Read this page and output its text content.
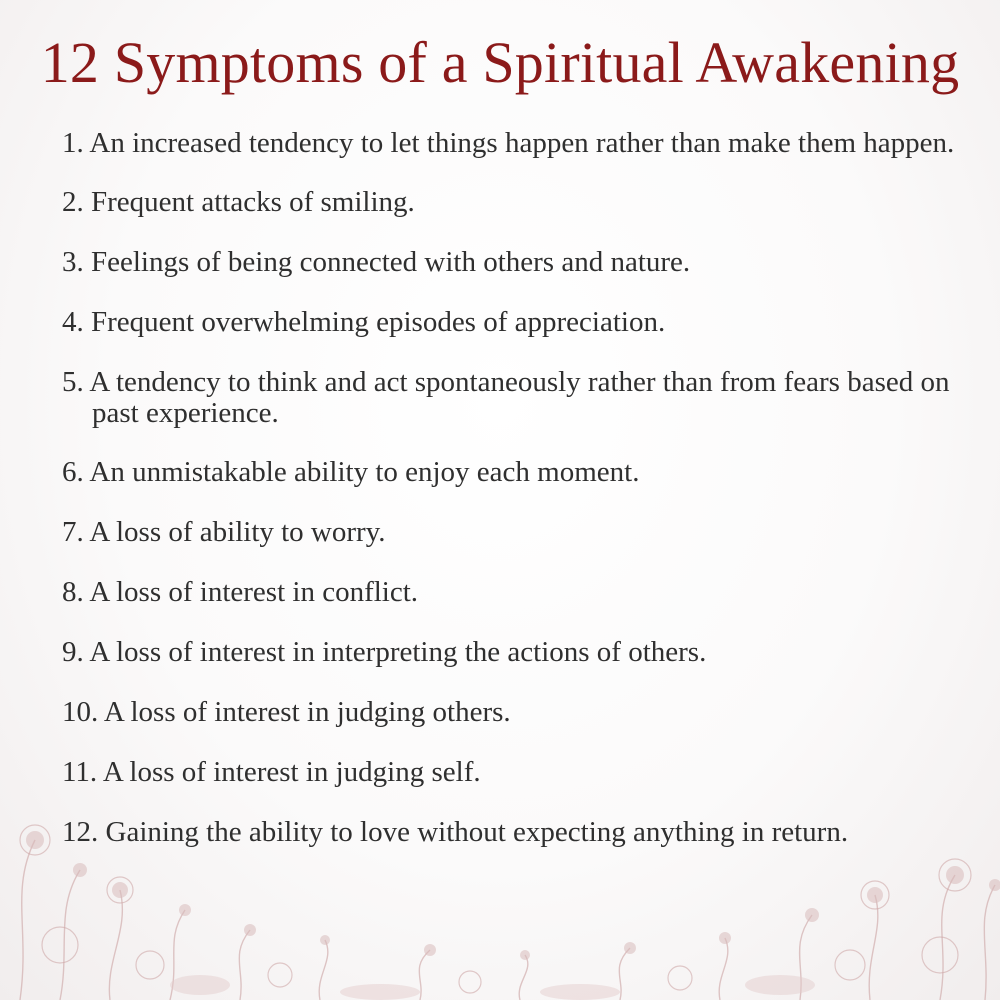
12 Symptoms of a Spiritual Awakening
1. An increased tendency to let things happen rather than make them happen.
2. Frequent attacks of smiling.
3. Feelings of being connected with others and nature.
4. Frequent overwhelming episodes of appreciation.
5. A tendency to think and act spontaneously rather than from fears based on past experience.
6. An unmistakable ability to enjoy each moment.
7. A loss of ability to worry.
8. A loss of interest in conflict.
9. A loss of interest in interpreting the actions of others.
10. A loss of interest in judging others.
11. A loss of interest in judging self.
12. Gaining the ability to love without expecting anything in return.
